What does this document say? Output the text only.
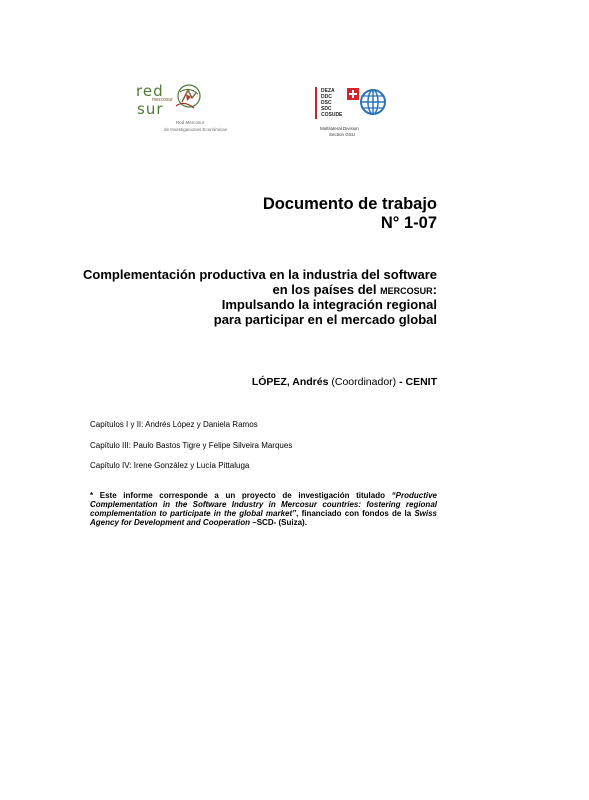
red
mercosur
sur
Red Mercosur
de Investigaciones Económicas
DEZA
DDC
DSC
SDC
COSUDE
Multilateral Division
Section GSU
Documento de trabajo
N° 1-07
Complementación productiva en la industria del software
en los países del MERCOSUR:
Impulsando la integración regional
para participar en el mercado global
LÓPEZ, Andrés (Coordinador) - CENIT
Capítulos I y II: Andrés López y Daniela Ramos
Capítulo III: Paulo Bastos Tigre y Felipe Silveira Marques
Capítulo IV: Irene González y Lucía Pittaluga
* Este informe corresponde a un proyecto de investigación titulado “Productive Complementation in the Software Industry in Mercosur countries: fostering regional complementation to participate in the global market”, financiado con fondos de la Swiss Agency for Development and Cooperation –SCD- (Suiza).
